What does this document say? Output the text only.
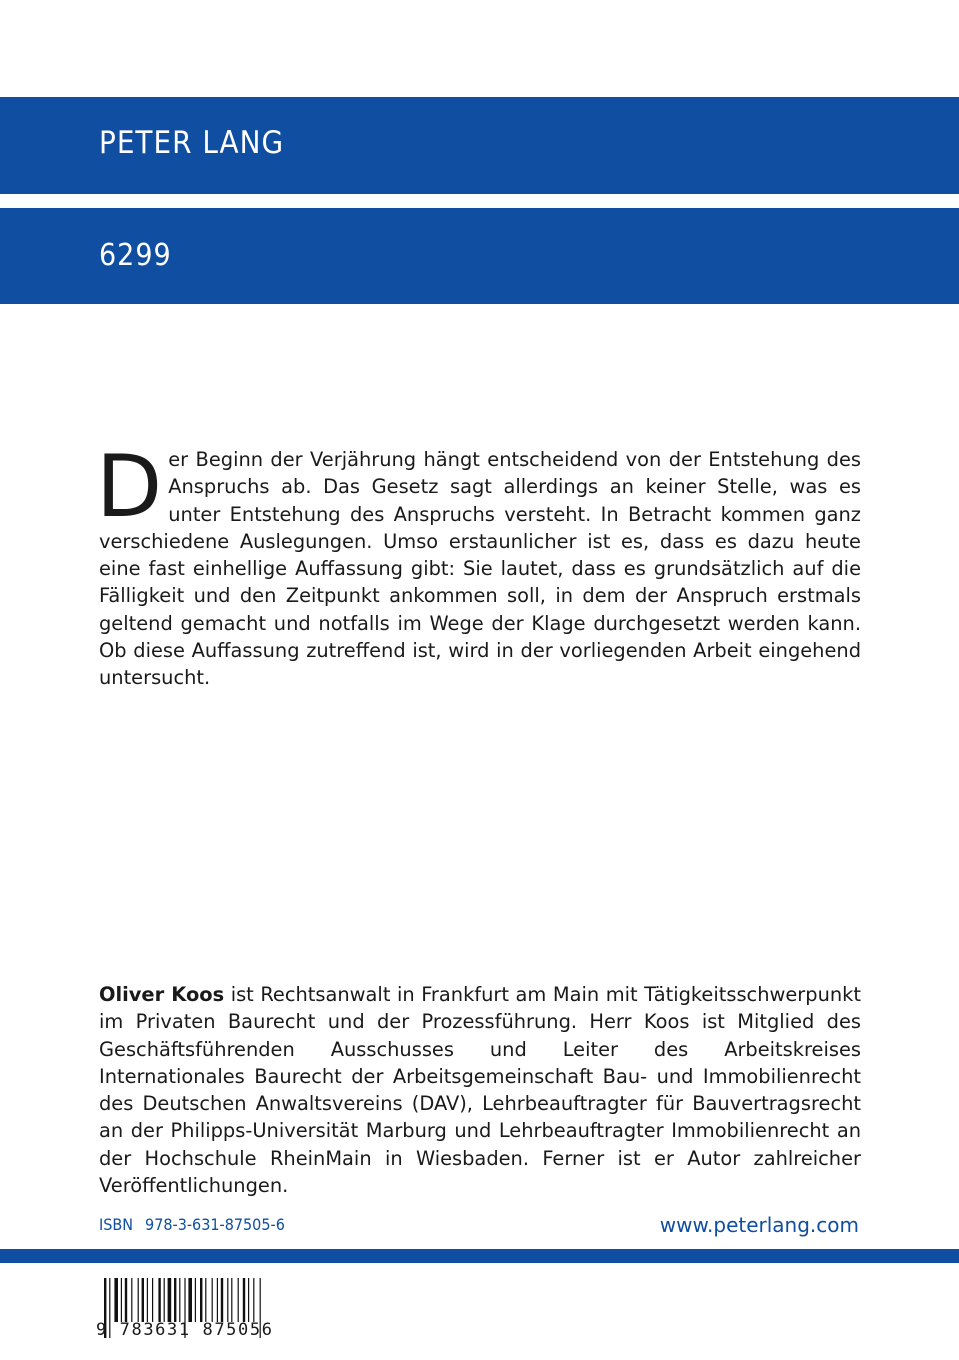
PETER LANG
6299
Der Beginn der Verjährung hängt entscheidend von der Entstehung des Anspruchs ab. Das Gesetz sagt allerdings an keiner Stelle, was es unter Entstehung des Anspruchs versteht. In Betracht kommen ganz verschiedene Auslegungen. Umso erstaunlicher ist es, dass es dazu heute eine fast einhellige Auffassung gibt: Sie lautet, dass es grundsätzlich auf die Fälligkeit und den Zeitpunkt ankommen soll, in dem der Anspruch erstmals geltend gemacht und notfalls im Wege der Klage durchgesetzt werden kann. Ob diese Auffassung zutreffend ist, wird in der vorliegenden Arbeit eingehend untersucht.
Oliver Koos ist Rechtsanwalt in Frankfurt am Main mit Tätigkeitsschwerpunkt im Privaten Baurecht und der Prozessführung. Herr Koos ist Mitglied des Geschäftsführenden Ausschusses und Leiter des Arbeitskreises Internationales Baurecht der Arbeitsgemeinschaft Bau- und Immobilienrecht des Deutschen Anwaltsvereins (DAV), Lehrbeauftragter für Bauvertragsrecht an der Philipps-Universität Marburg und Lehrbeauftragter Immobilienrecht an der Hochschule RheinMain in Wiesbaden. Ferner ist er Autor zahlreicher Veröffentlichungen.
ISBN 978-3-631-87505-6	www.peterlang.com
9 783631 875056
